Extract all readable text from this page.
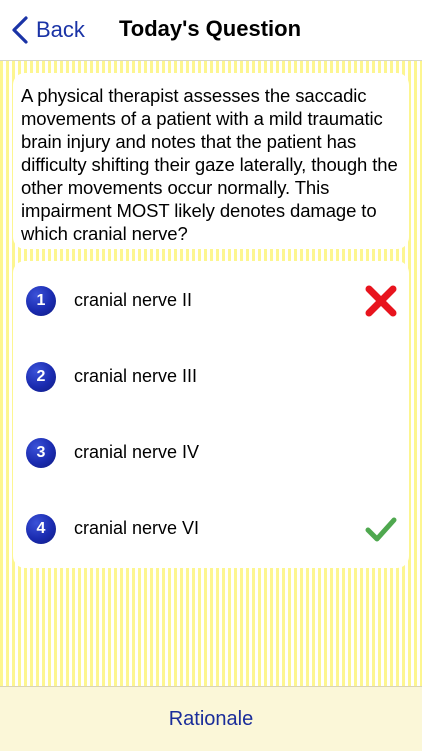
Back	Today's Question

A physical therapist assesses the saccadic movements of a patient with a mild traumatic brain injury and notes that the patient has difficulty shifting their gaze laterally, though the other movements occur normally. This impairment MOST likely denotes damage to which cranial nerve?

1	cranial nerve II
2	cranial nerve III
3	cranial nerve IV
4	cranial nerve VI
Rationale
